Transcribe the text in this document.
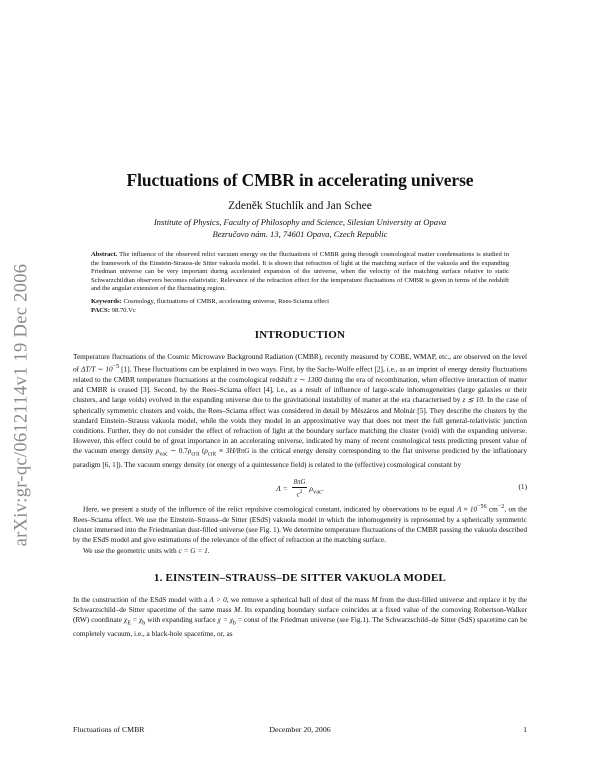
arXiv:gr-qc/0612114v1 19 Dec 2006
Fluctuations of CMBR in accelerating universe
Zdeněk Stuchlík and Jan Schee
Institute of Physics, Faculty of Philosophy and Science, Silesian University at Opava
Bezručovo nám. 13, 74601 Opava, Czech Republic
Abstract. The influence of the observed relict vacuum energy on the fluctuations of CMBR going through cosmological matter condensations is studied in the framework of the Einstein-Strauss-de Sitter vakuola model. It is shown that refraction of light at the matching surface of the vakuola and the expanding Friedman universe can be very important during accelerated expansion of the universe, when the velocity of the matching surface relative to static Schwarzchildian observers becomes relativistic. Relevance of the refraction effect for the temperature fluctuations of CMBR is given in terms of the redshift and the angular extension of the fluctuating region.
Keywords: Cosmology, fluctuations of CMBR, accelerating universe, Rees-Sciama effect
PACS: 98.70.Vc
INTRODUCTION

Temperature fluctuations of the Cosmic Microwave Background Radiation (CMBR), recently measured by COBE, WMAP, etc., are observed on the level of ΔT/T ∼ $10^{-5}$ [1]. These fluctuations can be explained in two ways. First, by the Sachs-Wolfe effect [2], i.e., as an imprint of energy density fluctuations related to the CMBR temperature fluctuations at the cosmological redshift z ∼ 1300 during the era of recombination, when effective interaction of matter and CMBR is ceased [3]. Second, by the Rees–Sciama effect [4], i.e., as a result of influence of large-scale inhomogeneities (large galaxies or their clusters, and large voids) evolved in the expanding universe due to the gravitational instability of matter at the era characterised by z ≲ 10. In the case of spherically symmetric clusters and voids, the Rees–Sciama effect was considered in detail by Mészáros and Molnár [5]. They describe the clusters by the standard Einstein–Strauss vakuola model, while the voids they model in an approximative way that does not meet the full general-relativistic junction conditions. Further, they do not consider the effect of refraction of light at the boundary surface matching the cluster (void) with the expanding universe. However, this effect could be of great importance in an accelerating universe, indicated by many of recent cosmological tests predicting present value of the vacuum energy density $\rho_{vac}$ ∼ $0.7\rho_{crit}$ ($\rho_{crit} \equiv 3H/8\pi G$ is the critical energy density corresponding to the flat universe predicted by the inflationary paradigm [6, 1]). The vacuum energy density (or energy of a quintessence field) is related to the (effective) cosmological constant by

$\Lambda = \frac{8\pi G}{c^2} \rho_{vac}$.	(1)

Here, we present a study of the influence of the relict repulsive cosmological constant, indicated by observations to be equal $\Lambda \approx 10^{-56}$ $cm^{-2}$, on the Rees–Sciama effect. We use the Einstein–Strauss–de Sitter (ESdS) vakuola model in which the inhomogeneity is represented by a spherically symmetric cluster immersed into the Friedmanian dust-filled universe (see Fig. 1). We determine temperature fluctuations of the CMBR passing the vakuola described by the ESdS model and give estimations of the relevance of the effect of refraction at the matching surface.

We use the geometric units with c = G = 1.

1. EINSTEIN–STRAUSS–DE SITTER VAKUOLA MODEL

In the construction of the ESdS model with a Λ > 0, we remove a spherical ball of dust of the mass M from the dust-filled universe and replace it by the Schwarzschild–de Sitter spacetime of the same mass M. Its expanding boundary surface coincides at a fixed value of the comoving Robertson-Walker (RW) coordinate $\chi_E = \chi_b$ with expanding surface $\chi = \chi_b$ = const of the Friedman universe (see Fig.1). The Schwarzschild–de Sitter (SdS) spacetime can be completely vacuum, i.e., a black-hole spacetime, or, as

Fluctuations of CMBR	December 20, 2006	1
